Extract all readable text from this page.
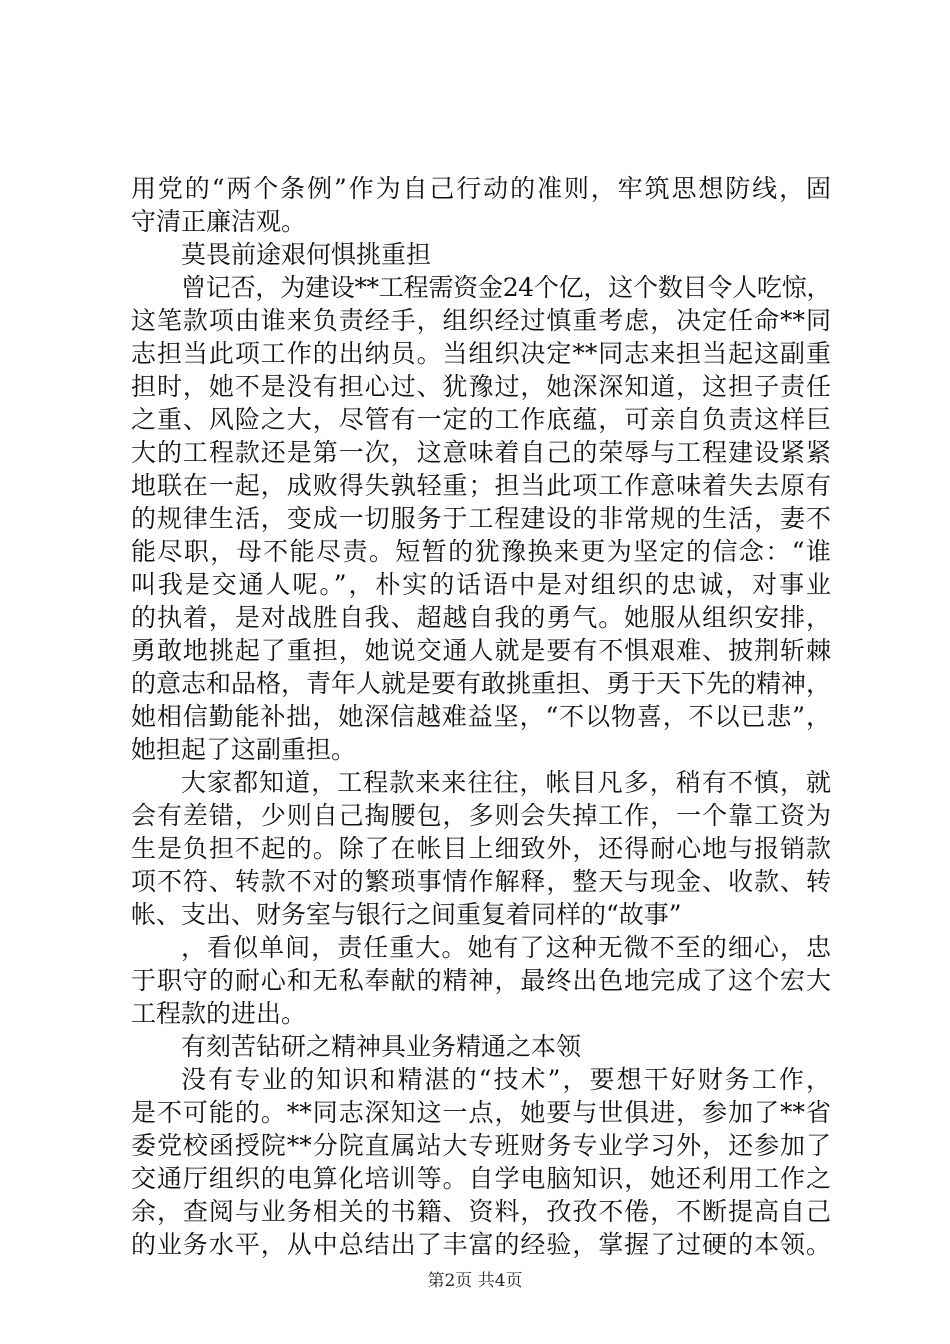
用党的“两个条例”作为自己行动的准则，牢筑思想防线，固
守清正廉洁观。
莫畏前途艰何惧挑重担
曾记否，为建设**工程需资金24个亿，这个数目令人吃惊，
这笔款项由谁来负责经手，组织经过慎重考虑，决定任命**同
志担当此项工作的出纳员。当组织决定**同志来担当起这副重
担时，她不是没有担心过、犹豫过，她深深知道，这担子责任
之重、风险之大，尽管有一定的工作底蕴，可亲自负责这样巨
大的工程款还是第一次，这意味着自己的荣辱与工程建设紧紧
地联在一起，成败得失孰轻重；担当此项工作意味着失去原有
的规律生活，变成一切服务于工程建设的非常规的生活，妻不
能尽职，母不能尽责。短暂的犹豫换来更为坚定的信念：“谁
叫我是交通人呢。”，朴实的话语中是对组织的忠诚，对事业
的执着，是对战胜自我、超越自我的勇气。她服从组织安排，
勇敢地挑起了重担，她说交通人就是要有不惧艰难、披荆斩棘
的意志和品格，青年人就是要有敢挑重担、勇于天下先的精神，
她相信勤能补拙，她深信越难益坚，“不以物喜，不以已悲”，
她担起了这副重担。
大家都知道，工程款来来往往，帐目凡多，稍有不慎，就
会有差错，少则自己掏腰包，多则会失掉工作，一个靠工资为
生是负担不起的。除了在帐目上细致外，还得耐心地与报销款
项不符、转款不对的繁琐事情作解释，整天与现金、收款、转
帐、支出、财务室与银行之间重复着同样的“故事”
，看似单间，责任重大。她有了这种无微不至的细心，忠
于职守的耐心和无私奉献的精神，最终出色地完成了这个宏大
工程款的进出。
有刻苦钻研之精神具业务精通之本领
没有专业的知识和精湛的“技术”，要想干好财务工作，
是不可能的。**同志深知这一点，她要与世俱进，参加了**省
委党校函授院**分院直属站大专班财务专业学习外，还参加了
交通厅组织的电算化培训等。自学电脑知识，她还利用工作之
余，查阅与业务相关的书籍、资料，孜孜不倦，不断提高自己
的业务水平，从中总结出了丰富的经验，掌握了过硬的本领。
第2页 共4页
